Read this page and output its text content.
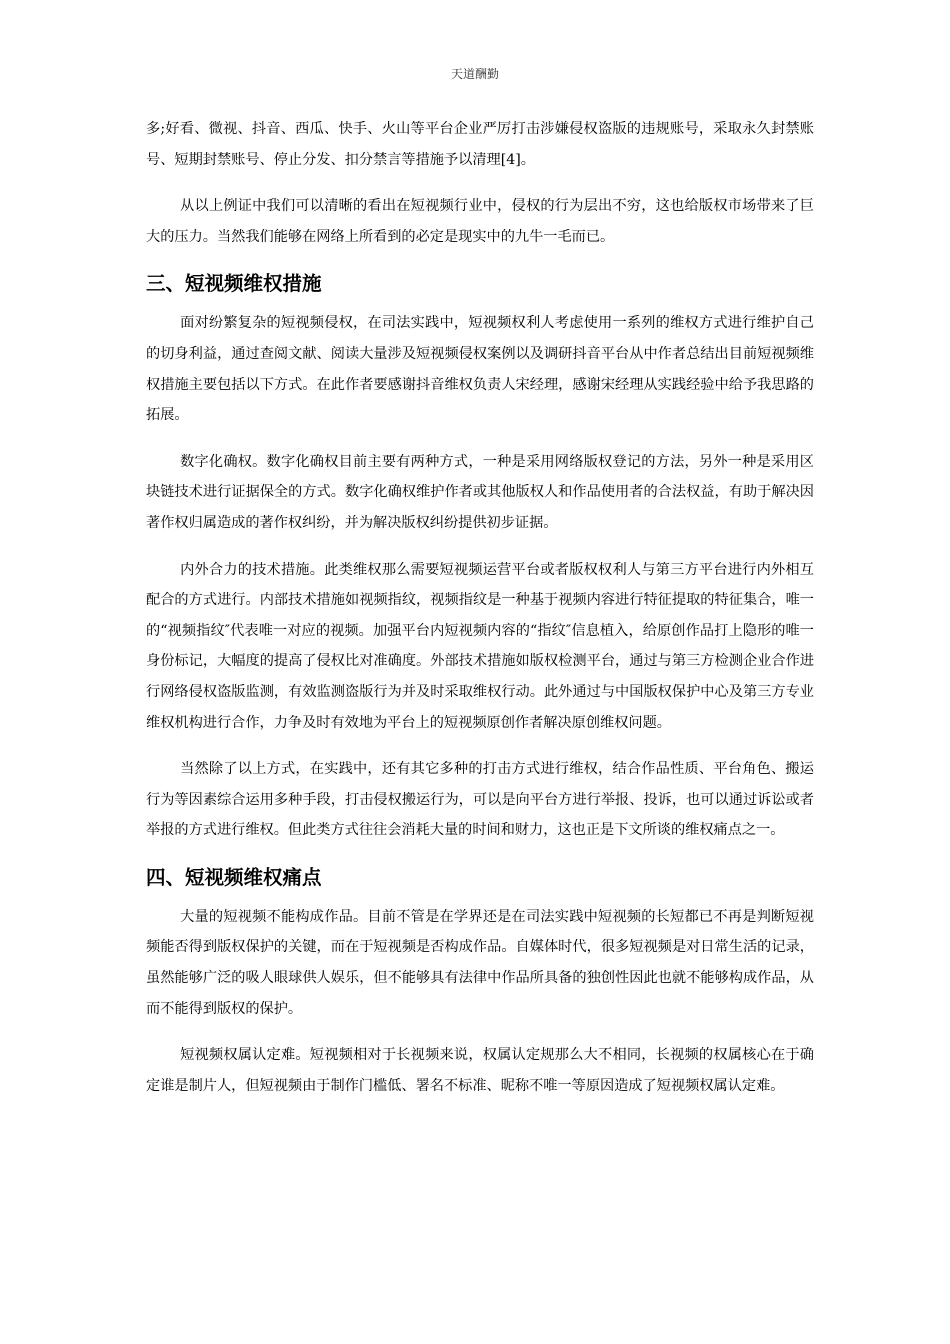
天道酬勤

多;好看、微视、抖音、西瓜、快手、火山等平台企业严厉打击涉嫌侵权盗版的违规账号，采取永久封禁账号、短期封禁账号、停止分发、扣分禁言等措施予以清理[4]。

从以上例证中我们可以清晰的看出在短视频行业中，侵权的行为层出不穷，这也给版权市场带来了巨大的压力。当然我们能够在网络上所看到的必定是现实中的九牛一毛而已。

三、短视频维权措施

面对纷繁复杂的短视频侵权，在司法实践中，短视频权利人考虑使用一系列的维权方式进行维护自己的切身利益，通过查阅文献、阅读大量涉及短视频侵权案例以及调研抖音平台从中作者总结出目前短视频维权措施主要包括以下方式。在此作者要感谢抖音维权负责人宋经理，感谢宋经理从实践经验中给予我思路的拓展。

数字化确权。数字化确权目前主要有两种方式，一种是采用网络版权登记的方法，另外一种是采用区块链技术进行证据保全的方式。数字化确权维护作者或其他版权人和作品使用者的合法权益，有助于解决因著作权归属造成的著作权纠纷，并为解决版权纠纷提供初步证据。

内外合力的技术措施。此类维权那么需要短视频运营平台或者版权权利人与第三方平台进行内外相互配合的方式进行。内部技术措施如视频指纹，视频指纹是一种基于视频内容进行特征提取的特征集合，唯一的“视频指纹″代表唯一对应的视频。加强平台内短视频内容的“指纹″信息植入，给原创作品打上隐形的唯一身份标记，大幅度的提高了侵权比对准确度。外部技术措施如版权检测平台，通过与第三方检测企业合作进行网络侵权盗版监测，有效监测盗版行为并及时采取维权行动。此外通过与中国版权保护中心及第三方专业维权机构进行合作，力争及时有效地为平台上的短视频原创作者解决原创维权问题。

当然除了以上方式，在实践中，还有其它多种的打击方式进行维权，结合作品性质、平台角色、搬运行为等因素综合运用多种手段，打击侵权搬运行为，可以是向平台方进行举报、投诉，也可以通过诉讼或者举报的方式进行维权。但此类方式往往会消耗大量的时间和财力，这也正是下文所谈的维权痛点之一。

四、短视频维权痛点

大量的短视频不能构成作品。目前不管是在学界还是在司法实践中短视频的长短都已不再是判断短视频能否得到版权保护的关键，而在于短视频是否构成作品。自媒体时代，很多短视频是对日常生活的记录，虽然能够广泛的吸人眼球供人娱乐，但不能够具有法律中作品所具备的独创性因此也就不能够构成作品，从而不能得到版权的保护。

短视频权属认定难。短视频相对于长视频来说，权属认定规那么大不相同，长视频的权属核心在于确定谁是制片人，但短视频由于制作门槛低、署名不标准、昵称不唯一等原因造成了短视频权属认定难。
